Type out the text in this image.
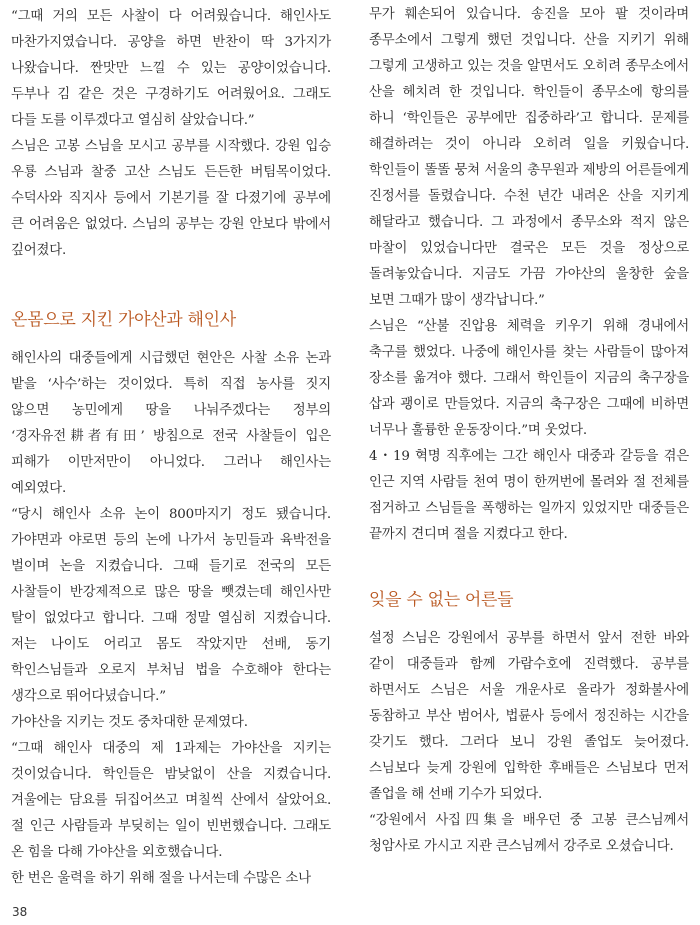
“그때 거의 모든 사찰이 다 어려웠습니다. 해인사도 마찬가지였습니다. 공양을 하면 반찬이 딱 3가지가 나왔습니다. 짠맛만 느낄 수 있는 공양이었습니다. 두부나 김 같은 것은 구경하기도 어려웠어요. 그래도 다들 도를 이루겠다고 열심히 살았습니다.”

스님은 고봉 스님을 모시고 공부를 시작했다. 강원 입승 우룡 스님과 찰중 고산 스님도 든든한 버팀목이었다. 수덕사와 직지사 등에서 기본기를 잘 다졌기에 공부에 큰 어려움은 없었다. 스님의 공부는 강원 안보다 밖에서 깊어졌다.

온몸으로 지킨 가야산과 해인사

해인사의 대중들에게 시급했던 현안은 사찰 소유 논과 밭을 ‘사수’하는 것이었다. 특히 직접 농사를 짓지 않으면 농민에게 땅을 나눠주겠다는 정부의 ‘경자유전耕者有田’ 방침으로 전국 사찰들이 입은 피해가 이만저만이 아니었다. 그러나 해인사는 예외였다.

“당시 해인사 소유 논이 800마지기 정도 됐습니다. 가야면과 야로면 등의 논에 나가서 농민들과 육박전을 벌이며 논을 지켰습니다. 그때 들기로 전국의 모든 사찰들이 반강제적으로 많은 땅을 뺏겼는데 해인사만 탈이 없었다고 합니다. 그때 정말 열심히 지켰습니다. 저는 나이도 어리고 몸도 작았지만 선배, 동기 학인스님들과 오로지 부처님 법을 수호해야 한다는 생각으로 뛰어다녔습니다.”

가야산을 지키는 것도 중차대한 문제였다.

“그때 해인사 대중의 제 1과제는 가야산을 지키는 것이었습니다. 학인들은 밤낮없이 산을 지켰습니다. 겨울에는 담요를 뒤집어쓰고 며칠씩 산에서 살았어요. 절 인근 사람들과 부딪히는 일이 빈번했습니다. 그래도 온 힘을 다해 가야산을 외호했습니다.

한 번은 울력을 하기 위해 절을 나서는데 수많은 소나

무가 훼손되어 있습니다. 송진을 모아 팔 것이라며 종무소에서 그렇게 했던 것입니다. 산을 지키기 위해 그렇게 고생하고 있는 것을 알면서도 오히려 종무소에서 산을 헤치려 한 것입니다. 학인들이 종무소에 항의를 하니 ‘학인들은 공부에만 집중하라’고 합니다. 문제를 해결하려는 것이 아니라 오히려 일을 키웠습니다. 학인들이 똘똘 뭉쳐 서울의 총무원과 제방의 어른들에게 진정서를 돌렸습니다. 수천 년간 내려온 산을 지키게 해달라고 했습니다. 그 과정에서 종무소와 적지 않은 마찰이 있었습니다만 결국은 모든 것을 정상으로 돌려놓았습니다. 지금도 가끔 가야산의 울창한 숲을 보면 그때가 많이 생각납니다.”

스님은 “산불 진압용 체력을 키우기 위해 경내에서 축구를 했었다. 나중에 해인사를 찾는 사람들이 많아져 장소를 옮겨야 했다. 그래서 학인들이 지금의 축구장을 삽과 괭이로 만들었다. 지금의 축구장은 그때에 비하면 너무나 훌륭한 운동장이다.”며 웃었다.

4・19 혁명 직후에는 그간 해인사 대중과 갈등을 겪은 인근 지역 사람들 천여 명이 한꺼번에 몰려와 절 전체를 점거하고 스님들을 폭행하는 일까지 있었지만 대중들은 끝까지 견디며 절을 지켰다고 한다.

잊을 수 없는 어른들

설정 스님은 강원에서 공부를 하면서 앞서 전한 바와 같이 대중들과 함께 가람수호에 진력했다. 공부를 하면서도 스님은 서울 개운사로 올라가 정화불사에 동참하고 부산 범어사, 법륜사 등에서 정진하는 시간을 갖기도 했다. 그러다 보니 강원 졸업도 늦어졌다. 스님보다 늦게 강원에 입학한 후배들은 스님보다 먼저 졸업을 해 선배 기수가 되었다.

“강원에서 사집四集을 배우던 중 고봉 큰스님께서 청암사로 가시고 지관 큰스님께서 강주로 오셨습니다.

38
